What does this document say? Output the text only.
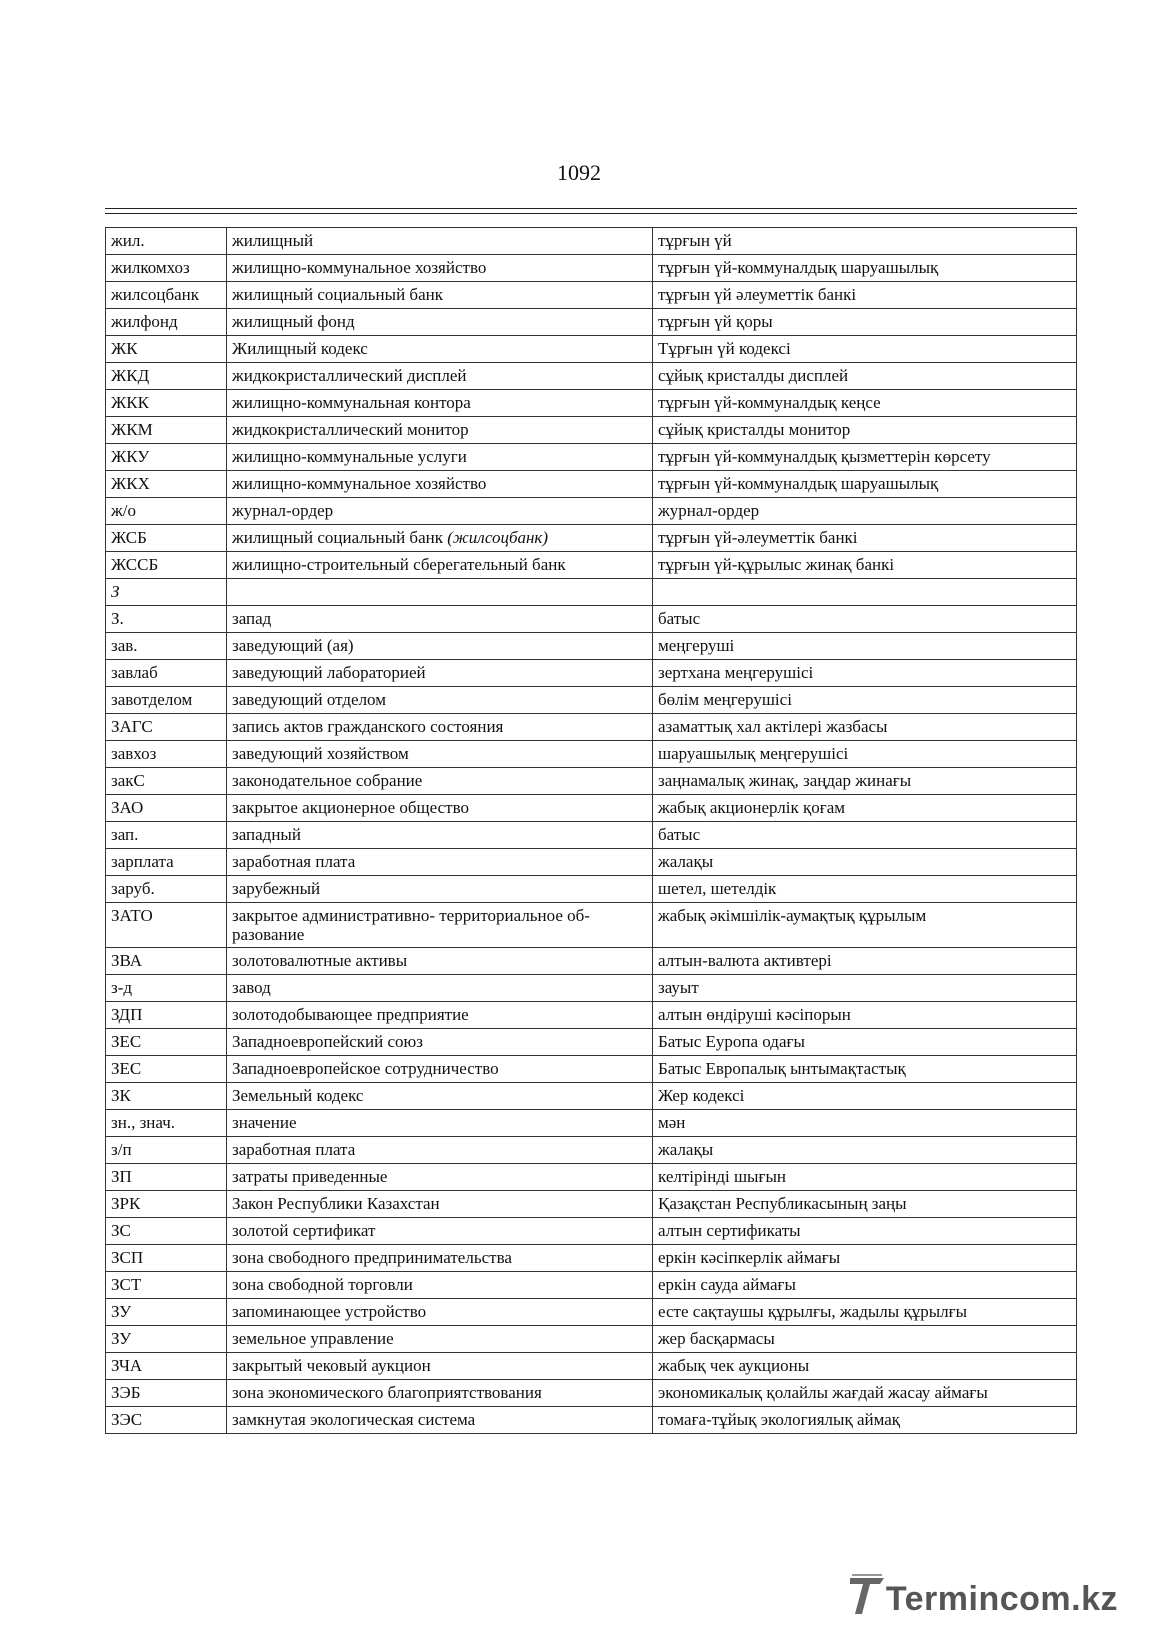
1092
жил.	жилищный	тұрғын үй
жилкомхоз	жилищно-коммунальное хозяйство	тұрғын үй-коммуналдық шаруашылық
жилсоцбанк	жилищный социальный банк	тұрғын үй әлеуметтік банкі
жилфонд	жилищный фонд	тұрғын үй қоры
ЖК	Жилищный кодекс	Тұрғын үй кодексі
ЖКД	жидкокристаллический дисплей	сұйық кристалды дисплей
ЖКК	жилищно-коммунальная контора	тұрғын үй-коммуналдық кеңсе
ЖКМ	жидкокристаллический монитор	сұйық кристалды монитор
ЖКУ	жилищно-коммунальные услуги	тұрғын үй-коммуналдық қызметтерін көрсету
ЖКХ	жилищно-коммунальное хозяйство	тұрғын үй-коммуналдық шаруашылық
ж/о	журнал-ордер	журнал-ордер
ЖСБ	жилищный социальный банк (жилсоцбанк)	тұрғын үй-әлеуметтік банкі
ЖССБ	жилищно-строительный сберегательный банк	тұрғын үй-құрылыс жинақ банкі
З		
З.	запад	батыс
зав.	заведующий (ая)	меңгеруші
завлаб	заведующий лабораторией	зертхана меңгерушісі
завотделом	заведующий отделом	бөлім меңгерушісі
ЗАГС	запись актов гражданского состояния	азаматтық хал актілері жазбасы
завхоз	заведующий хозяйством	шаруашылық меңгерушісі
закС	законодательное собрание	заңнамалық жинақ, заңдар жинағы
ЗАО	закрытое акционерное общество	жабық акционерлік қоғам
зап.	западный	батыс
зарплата	заработная плата	жалақы
заруб.	зарубежный	шетел, шетелдік
ЗАТО	закрытое административно- территориальное об-разование	жабық әкімшілік-аумақтық құрылым
ЗВА	золотовалютные активы	алтын-валюта активтері
з-д	завод	зауыт
ЗДП	золотодобывающее предприятие	алтын өндіруші кәсіпорын
ЗЕС	Западноевропейский союз	Батыс Еуропа одағы
ЗЕС	Западноевропейское сотрудничество	Батыс Европалық ынтымақтастық
ЗК	Земельный кодекс	Жер кодексі
зн., знач.	значение	мән
з/п	заработная плата	жалақы
ЗП	затраты приведенные	келтірінді шығын
ЗРК	Закон Республики Казахстан	Қазақстан Республикасының заңы
ЗС	золотой сертификат	алтын сертификаты
ЗСП	зона свободного предпринимательства	еркін кәсіпкерлік аймағы
ЗСТ	зона свободной торговли	еркін сауда аймағы
ЗУ	запоминающее устройство	есте сақтаушы құрылғы, жадылы құрылғы
ЗУ	земельное управление	жер басқармасы
ЗЧА	закрытый чековый аукцион	жабық чек аукционы
ЗЭБ	зона экономического благоприятствования	экономикалық қолайлы жағдай жасау аймағы
ЗЭС	замкнутая экологическая система	томаға-тұйық экологиялық аймақ
Termincom.kz
